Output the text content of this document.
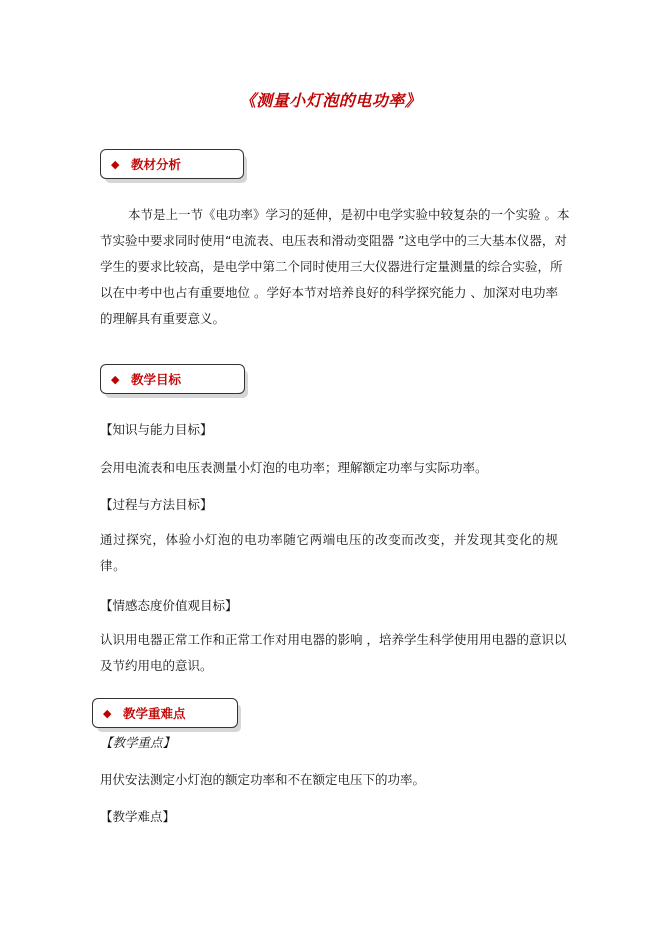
《测量小灯泡的电功率》
◆ 教材分析

本节是上一节《电功率》学习的延伸，是初中电学实验中较复杂的一个实验 。本节实验中要求同时使用“电流表、电压表和滑动变阻器 ”这电学中的三大基本仪器，对学生的要求比较高，是电学中第二个同时使用三大仪器进行定量测量的综合实验，所以在中考中也占有重要地位 。学好本节对培养良好的科学探究能力 、加深对电功率的理解具有重要意义。

◆ 教学目标

【知识与能力目标】

会用电流表和电压表测量小灯泡的电功率；理解额定功率与实际功率。

【过程与方法目标】

通过探究，体验小灯泡的电功率随它两端电压的改变而改变，并发现其变化的规律。

【情感态度价值观目标】

认识用电器正常工作和正常工作对用电器的影响 ，培养学生科学使用用电器的意识以及节约用电的意识。

◆ 教学重难点

【教学重点】

用伏安法测定小灯泡的额定功率和不在额定电压下的功率。

【教学难点】
